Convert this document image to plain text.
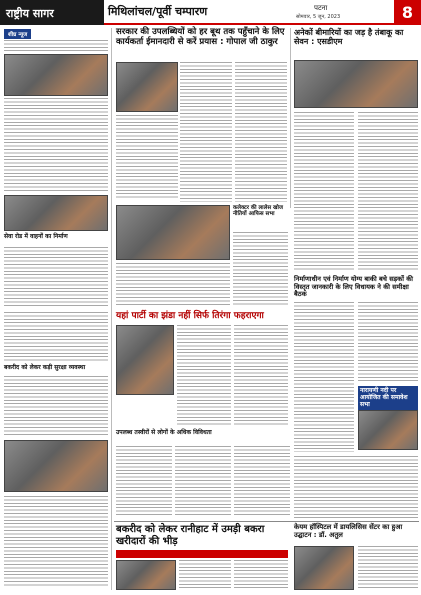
राष्ट्रीय सागर	मिथिलांचल/पूर्वी चम्पारण	पटना
सोमवार, 5 जून, 2023	8
शीघ्र न्यूज
सेवा रोड में वाहनों का निर्माण
बकरीद को लेकर कड़ी सुरक्षा व्यवस्था
सरकार की उपलब्धियों को हर बूथ तक पहुँचाने के लिए कार्यकर्ता ईमानदारी से करें प्रयास : गोपाल जी ठाकुर
अनेकों बीमारियों का जड़ है तंबाकू का सेवन : एसडीएम
कलेक्टर की लालेस खोज नीतियों आफिस सभा
निर्माणाधीन एवं निर्माण योग्य बाकी बचे सड़कों की विस्तृत जानकारी के लिए विधायक ने की समीक्षा बैठक
यहां पार्टी का झंडा नहीं सिर्फ तिरंगा फहराएगा
नारायणी नदी पर आयोजित की समावेश सभा
उपलब्ध तस्वीरों से लोगों के अधिक विविधता
बकरीद को लेकर रानीहाट में उमड़ी बकरा खरीदारों की भीड़
केयम हॉस्पिटल में डायलिसिस सेंटर का हुआ उद्घाटन : डॉ. अतुल
